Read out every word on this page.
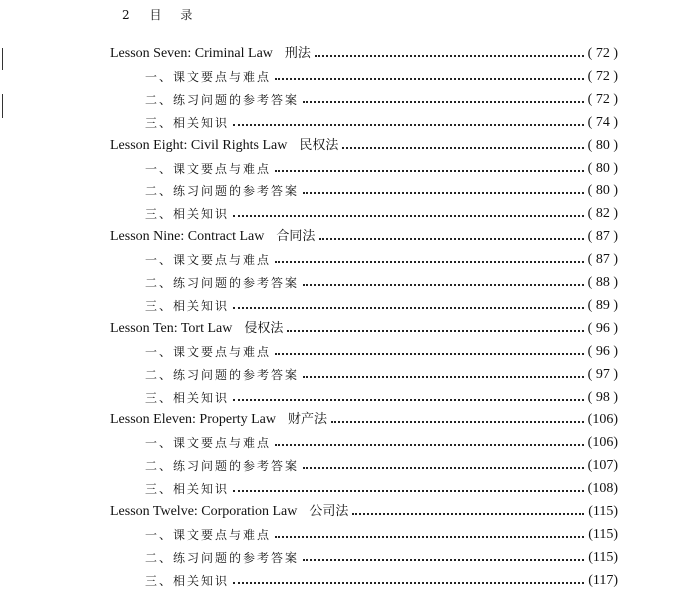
2 目 录
Lesson Seven: Criminal Law 刑法	( 72 )
一、课文要点与难点	( 72 )
二、练习问题的参考答案	( 72 )
三、相关知识	( 74 )
Lesson Eight: Civil Rights Law 民权法	( 80 )
一、课文要点与难点	( 80 )
二、练习问题的参考答案	( 80 )
三、相关知识	( 82 )
Lesson Nine: Contract Law 合同法	( 87 )
一、课文要点与难点	( 87 )
二、练习问题的参考答案	( 88 )
三、相关知识	( 89 )
Lesson Ten: Tort Law 侵权法	( 96 )
一、课文要点与难点	( 96 )
二、练习问题的参考答案	( 97 )
三、相关知识	( 98 )
Lesson Eleven: Property Law 财产法	(106)
一、课文要点与难点	(106)
二、练习问题的参考答案	(107)
三、相关知识	(108)
Lesson Twelve: Corporation Law 公司法	(115)
一、课文要点与难点	(115)
二、练习问题的参考答案	(115)
三、相关知识	(117)
